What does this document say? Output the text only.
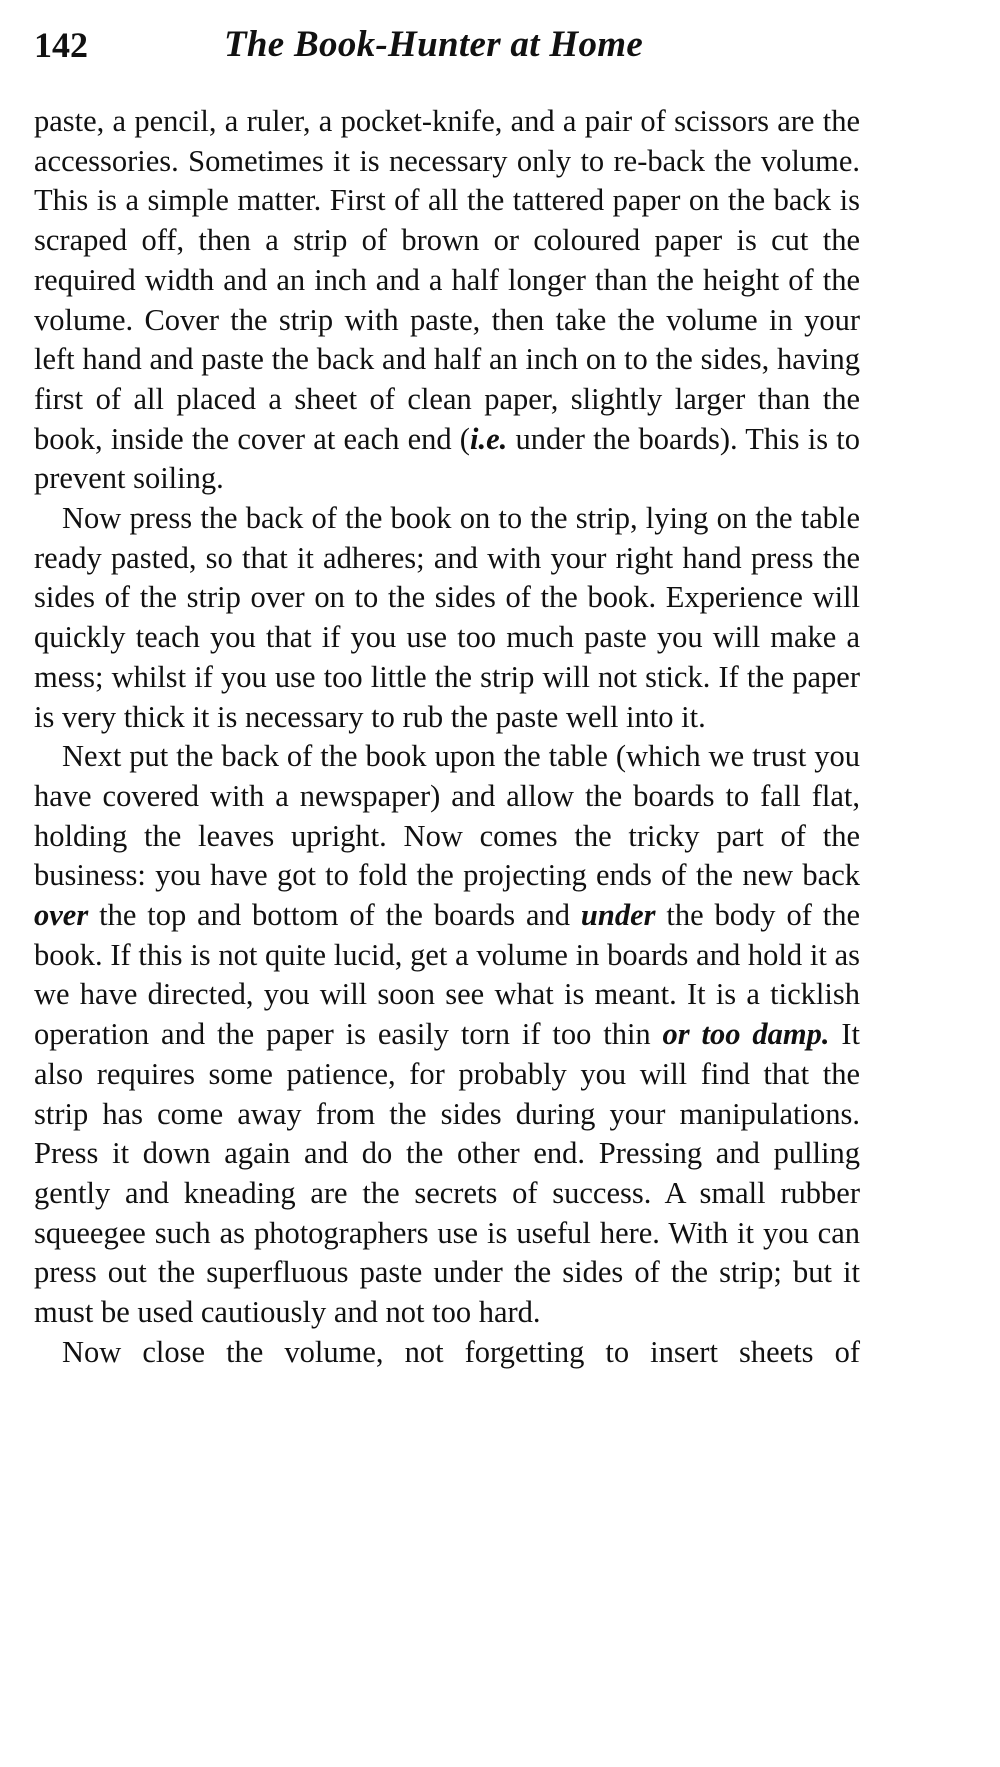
142	The Book-Hunter at Home

paste, a pencil, a ruler, a pocket-knife, and a pair of scissors are the accessories. Sometimes it is necessary only to re-back the volume. This is a simple matter. First of all the tattered paper on the back is scraped off, then a strip of brown or coloured paper is cut the required width and an inch and a half longer than the height of the volume. Cover the strip with paste, then take the volume in your left hand and paste the back and half an inch on to the sides, having first of all placed a sheet of clean paper, slightly larger than the book, inside the cover at each end (i.e. under the boards). This is to prevent soiling.

Now press the back of the book on to the strip, lying on the table ready pasted, so that it adheres; and with your right hand press the sides of the strip over on to the sides of the book. Experience will quickly teach you that if you use too much paste you will make a mess; whilst if you use too little the strip will not stick. If the paper is very thick it is necessary to rub the paste well into it.

Next put the back of the book upon the table (which we trust you have covered with a newspaper) and allow the boards to fall flat, holding the leaves upright. Now comes the tricky part of the business: you have got to fold the projecting ends of the new back over the top and bottom of the boards and under the body of the book. If this is not quite lucid, get a volume in boards and hold it as we have directed, you will soon see what is meant. It is a ticklish operation and the paper is easily torn if too thin or too damp. It also requires some patience, for probably you will find that the strip has come away from the sides during your manipulations. Press it down again and do the other end. Pressing and pulling gently and kneading are the secrets of success. A small rubber squeegee such as photographers use is useful here. With it you can press out the superfluous paste under the sides of the strip; but it must be used cautiously and not too hard.

Now close the volume, not forgetting to insert sheets of
